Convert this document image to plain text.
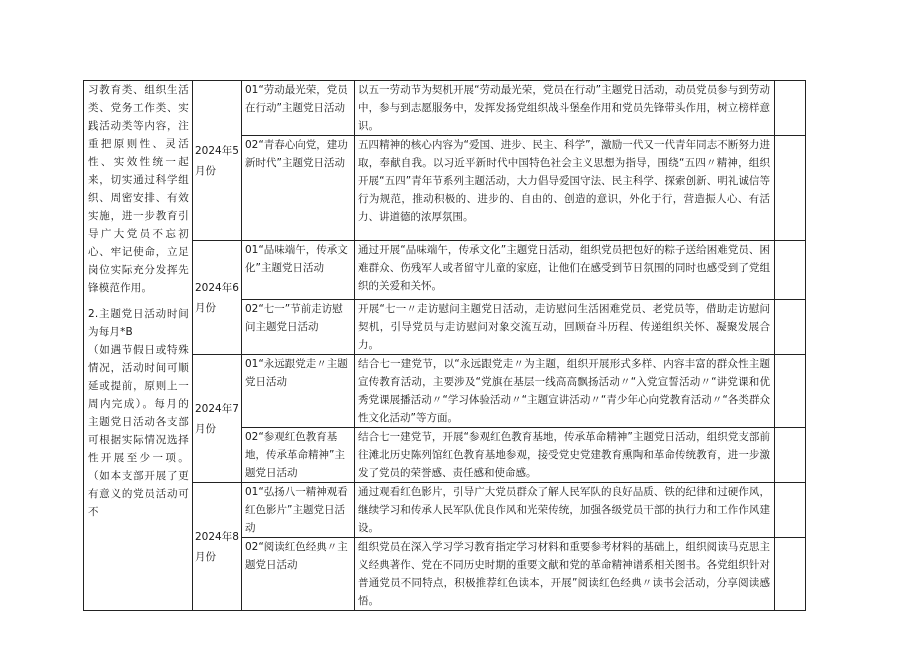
习教育类、组织生活类、党务工作类、实践活动类等内容，注重把原则性、灵活性、实效性统一起来，切实通过科学组织、周密安排、有效实施，进一步教育引导广大党员不忘初心、牢记使命，立足岗位实际充分发挥先锋模范作用。

2.主题党日活动时间为每月*B

（如遇节假日或特殊情况，活动时间可顺延或提前，原则上一周内完成）。每月的主题党日活动各支部可根据实际情况选择性开展至少一项。（如本支部开展了更有意义的党员活动可不	2024年5月份	01“劳动最光荣，党员在行动”主题党日活动	以五一劳动节为契机开展“劳动最光荣，党员在行动”主题党日活动，动员党员参与到劳动中，参与到志愿服务中，发挥发扬党组织战斗堡垒作用和党员先锋带头作用，树立榜样意识。	

		02“青春心向党，建功新时代”主题党日活动	五四精神的核心内容为“爱国、进步、民主、科学”，激励一代又一代青年同志不断努力进取，奉献自我。以习近平新时代中国特色社会主义思想为指导，围绕“五四〃精神，组织开展“五四”青年节系列主题活动，大力倡导爱国守法、民主科学、探索创新、明礼诚信等行为规范，推动积极的、进步的、自由的、创造的意识，外化于行，营造振人心、有活力、讲道德的浓厚氛围。	

	2024年6月份	01“品味端午，传承文化”主题党日活动	通过开展“品味端午，传承文化”主题党日活动，组织党员把包好的粽子送给困难党员、困难群众、伤残军人或者留守儿童的家庭，让他们在感受到节日氛围的同时也感受到了党组织的关爱和关怀。	

		02“七一”节前走访慰问主题党日活动	开展“七一〃走访慰问主题党日活动，走访慰问生活困难党员、老党员等，借助走访慰问契机，引导党员与走访慰问对象交流互动，回顾奋斗历程、传递组织关怀、凝聚发展合力。	

	2024年7月份	01“永远跟党走〃主题党日活动	结合七一建党节，以“永远跟党走〃为主题，组织开展形式多样、内容丰富的群众性主题宣传教育活动，主要涉及“党旗在基层一线高高飘扬活动〃“入党宣誓活动〃“讲党课和优秀党课展播活动〃“学习体验活动〃“主题宣讲活动〃“青少年心向党教育活动〃“各类群众性文化活动”等方面。	

		02“参观红色教育基地，传承革命精神”主题党日活动	结合七一建党节，开展“参观红色教育基地，传承革命精神”主题党日活动，组织党支部前往滩北历史陈列馆红色教育基地参观，接受党史党建教育熏陶和革命传统教育，进一步激发了党员的荣誉感、责任感和使命感。	

	2024年8月份	01“弘扬八一精神观看红色影片”主题党日活动	通过观看红色影片，引导广大党员群众了解人民军队的良好品质、铁的纪律和过硬作风，继续学习和传承人民军队优良作风和光荣传统，加强各级党员干部的执行力和工作作风建设。	

		02“阅读红色经典〃主题党日活动	组织党员在深入学习学习教育指定学习材料和重要参考材料的基础上，组织阅读马克思主义经典著作、党在不同历史时期的重要文献和党的革命精神谱系相关图书。各党组织针对普通党员不同特点，积极推荐红色读本，开展”阅读红色经典〃读书会活动，分享阅读感悟。	
